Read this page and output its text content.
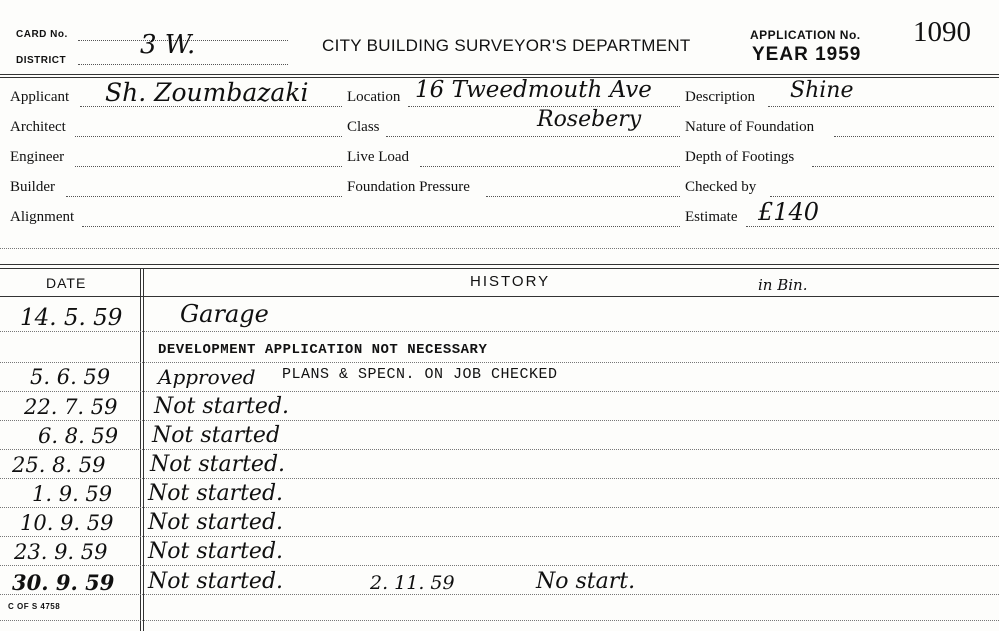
CARD No.
DISTRICT
3 W.	CITY BUILDING SURVEYOR'S DEPARTMENT
APPLICATION No. 1090
YEAR 1959
Applicant Sh. Zoumbazaki	Location 16 Tweedmouth Ave Description Shine
Architect	Class	Rosebery	Nature of Foundation
Engineer	Live Load	Depth of Footings
Builder	Foundation Pressure	Checked by
Alignment	Estimate £140
DATE	HISTORY	in Bin.
14. 5. 59 Garage
DEVELOPMENT APPLICATION NOT NECESSARY
5. 6. 59 Approved PLANS & SPECN. ON JOB CHECKED
22. 7. 59 Not started.
6. 8. 59 Not started
25. 8. 59 Not started.
1. 9. 59 Not started.
10. 9. 59 Not started.
23. 9. 59 Not started.
30. 9. 59 Not started.	2. 11. 59	No start.
C OF S 4758
